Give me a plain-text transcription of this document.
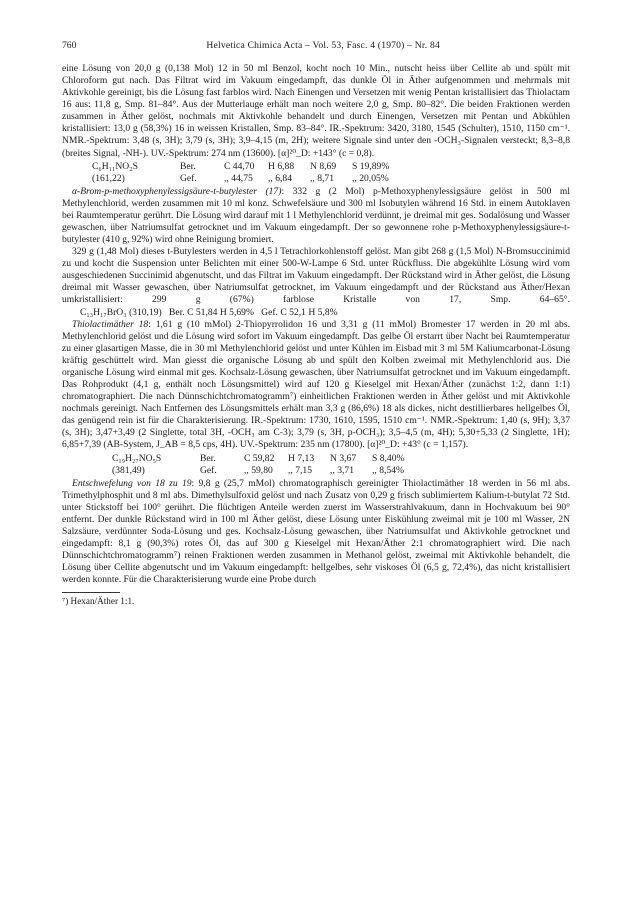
760	Helvetica Chimica Acta – Vol. 53, Fasc. 4 (1970) – Nr. 84

eine Lösung von 20,0 g (0,138 Mol) 12 in 50 ml Benzol, kocht noch 10 Min., nutscht heiss über Cellite ab und spült mit Chloroform gut nach. Das Filtrat wird im Vakuum eingedampft, das dunkle Öl in Äther aufgenommen und mehrmals mit Aktivkohle gereinigt, bis die Lösung fast farblos wird. Nach Einengen und Versetzen mit wenig Pentan kristallisiert das Thiolactam 16 aus: 11,8 g, Smp. 81–84°. Aus der Mutterlauge erhält man noch weitere 2,0 g, Smp. 80–82°. Die beiden Fraktionen werden zusammen in Äther gelöst, nochmals mit Aktivkohle behandelt und durch Einengen, Versetzen mit Pentan und Abkühlen kristallisiert: 13,0 g (58,3%) 16 in weissen Kristallen, Smp. 83–84°. IR.-Spektrum: 3420, 3180, 1545 (Schulter), 1510, 1150 cm⁻¹. NMR.-Spektrum: 3,48 (s, 3H); 3,79 (s, 3H); 3,9–4,15 (m, 2H); weitere Signale sind unter den -OCH₃-Signalen versteckt; 8,3–8,8 (breites Signal, -NH-). UV.-Spektrum: 274 nm (13600). [α]²⁰_D: +143° (c = 0,8).

C₆H₁₁NO₂S	Ber.	C 44,70	H 6,88	N 8,69	S 19,89%
(161,22)	Gef.	,, 44,75	,, 6,84	,, 8,71	,, 20,05%

α-Brom-p-methoxyphenylessigsäure-t-butylester (17): 332 g (2 Mol) p-Methoxyphenylessigsäure gelöst in 500 ml Methylenchlorid, werden zusammen mit 10 ml konz. Schwefelsäure und 300 ml Isobutylen während 16 Std. in einem Autoklaven bei Raumtemperatur gerührt. Die Lösung wird darauf mit 1 l Methylenchlorid verdünnt, je dreimal mit ges. Sodalösung und Wasser gewaschen, über Natriumsulfat getrocknet und im Vakuum eingedampft. Der so gewonnene rohe p-Methoxyphenylessigsäure-t-butylester (410 g, 92%) wird ohne Reinigung bromiert.

329 g (1,48 Mol) dieses t-Butylesters werden in 4,5 l Tetrachlorkohlenstoff gelöst. Man gibt 268 g (1,5 Mol) N-Bromsuccinimid zu und kocht die Suspension unter Belichten mit einer 500-W-Lampe 6 Std. unter Rückfluss. Die abgekühlte Lösung wird vom ausgeschiedenen Succinimid abgenutscht, und das Filtrat im Vakuum eingedampft. Der Rückstand wird in Äther gelöst, die Lösung dreimal mit Wasser gewaschen, über Natriumsulfat getrocknet, im Vakuum eingedampft und der Rückstand aus Äther/Hexan umkristallisiert: 299 g (67%) farblose Kristalle von 17, Smp. 64–65°.C₁₃H₁₇BrO₃ (310,19) Ber. C 51,84 H 5,69% Gef. C 52,1 H 5,8%

Thiolactimäther 18: 1,61 g (10 mMol) 2-Thiopyrrolidon 16 und 3,31 g (11 mMol) Bromester 17 werden in 20 ml abs. Methylenchlorid gelöst und die Lösung wird sofort im Vakuum eingedampft. Das gelbe Öl erstarrt über Nacht bei Raumtemperatur zu einer glasartigen Masse, die in 30 ml Methylenchlorid gelöst und unter Kühlen im Eisbad mit 3 ml 5M Kaliumcarbonat-Lösung kräftig geschüttelt wird. Man giesst die organische Lösung ab und spült den Kolben zweimal mit Methylenchlorid aus. Die organische Lösung wird einmal mit ges. Kochsalz-Lösung gewaschen, über Natriumsulfat getrocknet und im Vakuum eingedampft. Das Rohprodukt (4,1 g, enthält noch Lösungsmittel) wird auf 120 g Kieselgel mit Hexan/Äther (zunächst 1:2, dann 1:1) chromatographiert. Die nach Dünnschichtchromatogramm⁷) einheitlichen Fraktionen werden in Äther gelöst und mit Aktivkohle nochmals gereinigt. Nach Entfernen des Lösungsmittels erhält man 3,3 g (86,6%) 18 als dickes, nicht destillierbares hellgelbes Öl, das genügend rein ist für die Charakterisierung. IR.-Spektrum: 1730, 1610, 1595, 1510 cm⁻¹. NMR.-Spektrum: 1,40 (s, 9H); 3,37 (s, 3H); 3,47+3,49 (2 Singlette, total 3H, -OCH₃ am C-3); 3,79 (s, 3H, p-OCH₃); 3,5–4,5 (m, 4H); 5,30+5,33 (2 Singlette, 1H); 6,85+7,39 (AB-System, J_AB = 8,5 cps, 4H). UV.-Spektrum: 235 nm (17800). [α]²⁰_D: +43° (c = 1,157).

C₁₉H₂₇NO₅S	Ber.	C 59,82	H 7,13	N 3,67	S 8,40%
(381,49)	Gef.	,, 59,80	,, 7,15	,, 3,71	,, 8,54%

Entschwefelung von 18 zu 19: 9,8 g (25,7 mMol) chromatographisch gereinigter Thiolactimäther 18 werden in 56 ml abs. Trimethylphosphit und 8 ml abs. Dimethylsulfoxid gelöst und nach Zusatz von 0,29 g frisch sublimiertem Kalium-t-butylat 72 Std. unter Stickstoff bei 100° gerührt. Die flüchtigen Anteile werden zuerst im Wasserstrahlvakuum, dann in Hochvakuum bei 90° entfernt. Der dunkle Rückstand wird in 100 ml Äther gelöst, diese Lösung unter Eiskühlung zweimal mit je 100 ml Wasser, 2N Salzsäure, verdünnter Soda-Lösung und ges. Kochsalz-Lösung gewaschen, über Natriumsulfat und Aktivkohle getrocknet und eingedampft: 8,1 g (90,3%) rotes Öl, das auf 300 g Kieselgel mit Hexan/Äther 2:1 chromatographiert wird. Die nach Dünnschichtchromatogramm⁷) reinen Fraktionen werden zusammen in Methanol gelöst, zweimal mit Aktivkohle behandelt, die Lösung über Cellite abgenutscht und im Vakuum eingedampft: hellgelbes, sehr viskoses Öl (6,5 g, 72,4%), das nicht kristallisiert werden konnte. Für die Charakterisierung wurde eine Probe durch

⁷) Hexan/Äther 1:1.
